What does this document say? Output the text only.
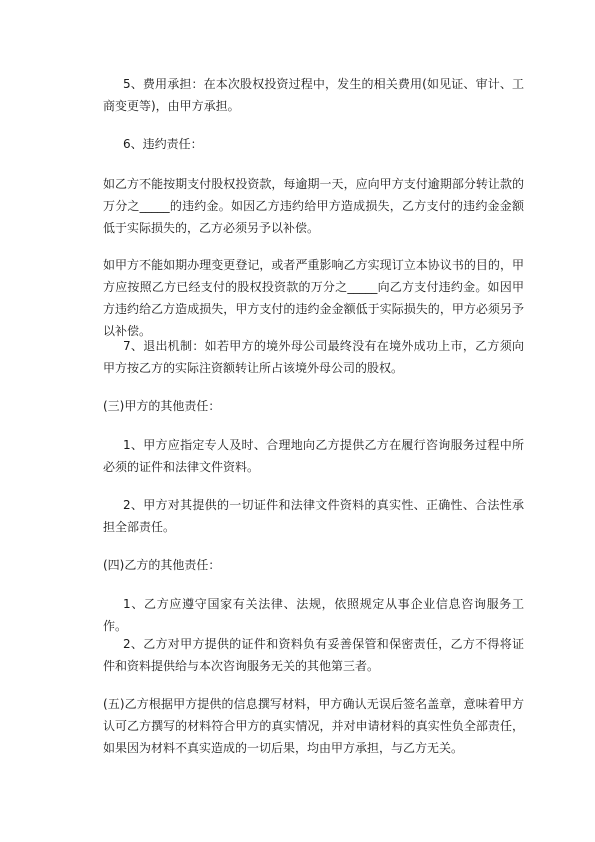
5、费用承担：在本次股权投资过程中，发生的相关费用(如见证、审计、工商变更等)，由甲方承担。

6、违约责任：

如乙方不能按期支付股权投资款，每逾期一天，应向甲方支付逾期部分转让款的万分之_____的违约金。如因乙方违约给甲方造成损失，乙方支付的违约金金额低于实际损失的，乙方必须另予以补偿。

如甲方不能如期办理变更登记，或者严重影响乙方实现订立本协议书的目的，甲方应按照乙方已经支付的股权投资款的万分之_____向乙方支付违约金。如因甲方违约给乙方造成损失，甲方支付的违约金金额低于实际损失的，甲方必须另予以补偿。

7、退出机制：如若甲方的境外母公司最终没有在境外成功上市，乙方须向甲方按乙方的实际注资额转让所占该境外母公司的股权。

(三)甲方的其他责任：

1、甲方应指定专人及时、合理地向乙方提供乙方在履行咨询服务过程中所必须的证件和法律文件资料。

2、甲方对其提供的一切证件和法律文件资料的真实性、正确性、合法性承担全部责任。

(四)乙方的其他责任：

1、乙方应遵守国家有关法律、法规，依照规定从事企业信息咨询服务工作。

2、乙方对甲方提供的证件和资料负有妥善保管和保密责任，乙方不得将证件和资料提供给与本次咨询服务无关的其他第三者。

(五)乙方根据甲方提供的信息撰写材料，甲方确认无误后签名盖章，意味着甲方认可乙方撰写的材料符合甲方的真实情况，并对申请材料的真实性负全部责任，如果因为材料不真实造成的一切后果，均由甲方承担，与乙方无关。
